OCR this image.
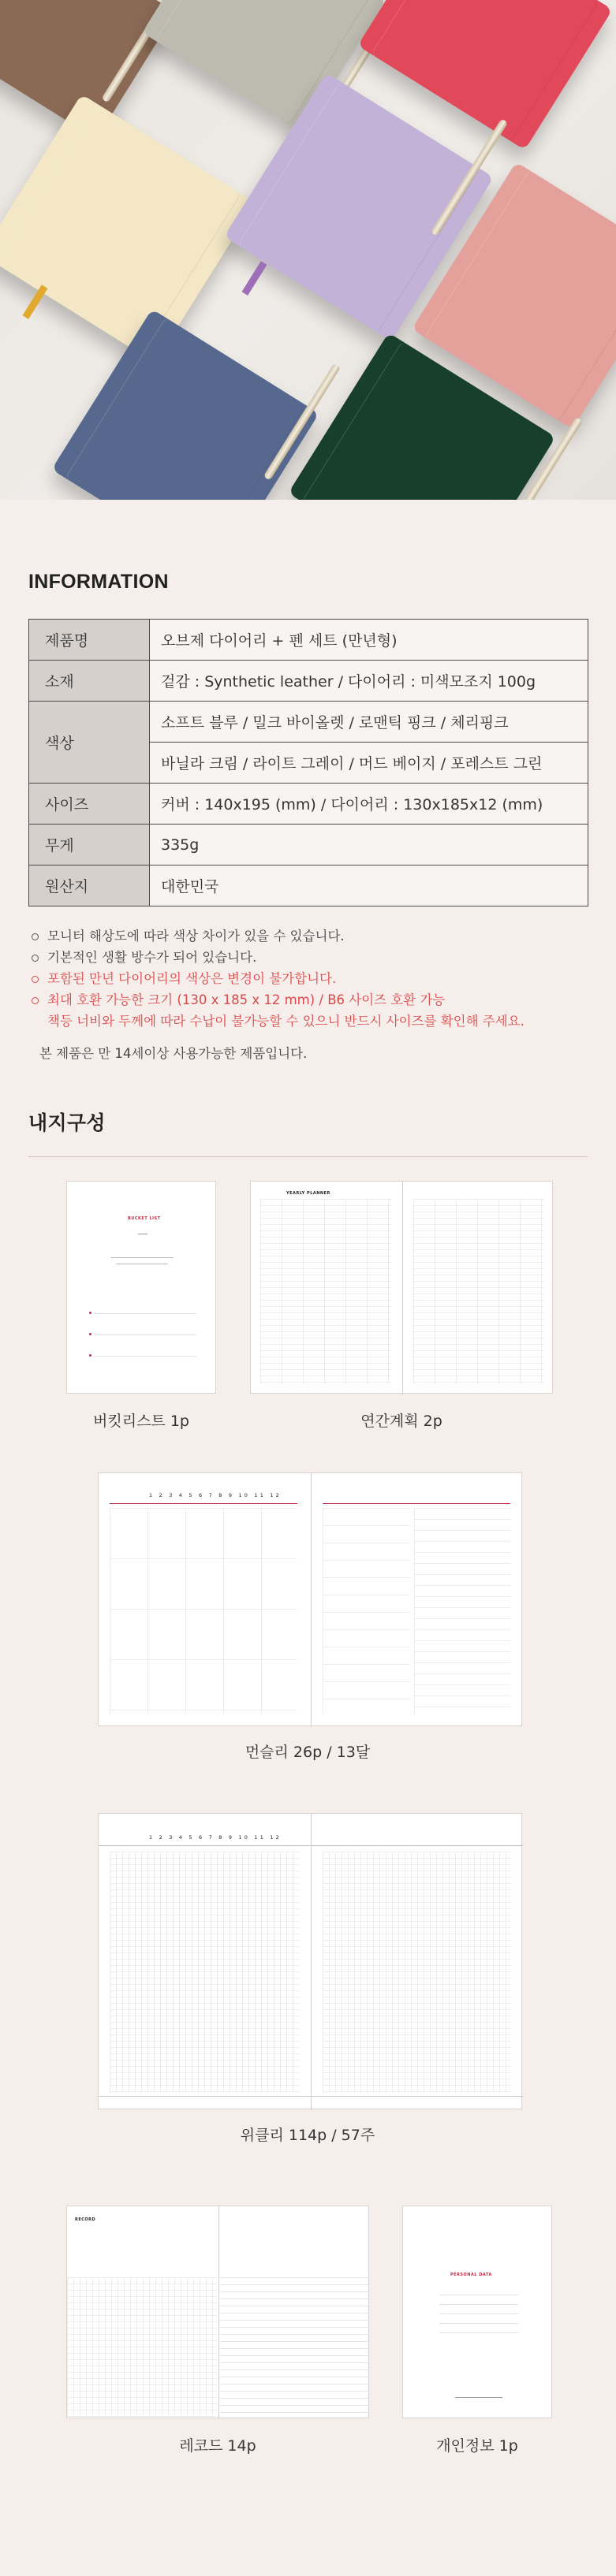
INFORMATION
제품명	오브제 다이어리 + 펜 세트 (만년형)
소재	겉감 : Synthetic leather / 다이어리 : 미색모조지 100g
색상	소프트 블루 / 밀크 바이올렛 / 로맨틱 핑크 / 체리핑크
	바닐라 크림 / 라이트 그레이 / 머드 베이지 / 포레스트 그린
사이즈	커버 : 140x195 (mm) / 다이어리 : 130x185x12 (mm)
무게	335g
원산지	대한민국
모니터 해상도에 따라 색상 차이가 있을 수 있습니다.
기본적인 생활 방수가 되어 있습니다.
포함된 만년 다이어리의 색상은 변경이 불가합니다.
최대 호환 가능한 크기 (130 x 185 x 12 mm) / B6 사이즈 호환 가능
책등 너비와 두께에 따라 수납이 불가능할 수 있으니 반드시 사이즈를 확인해 주세요.
본 제품은 만 14세이상 사용가능한 제품입니다.
내지구성
BUCKET LIST
버킷리스트 1p
YEARLY PLANNER
연간계획 2p
1 2 3 4 5 6 7 8 9 10 11 12
먼슬리 26p / 13달
1 2 3 4 5 6 7 8 9 10 11 12
위클리 114p / 57주
RECORD
레코드 14p
PERSONAL DATA
개인정보 1p
